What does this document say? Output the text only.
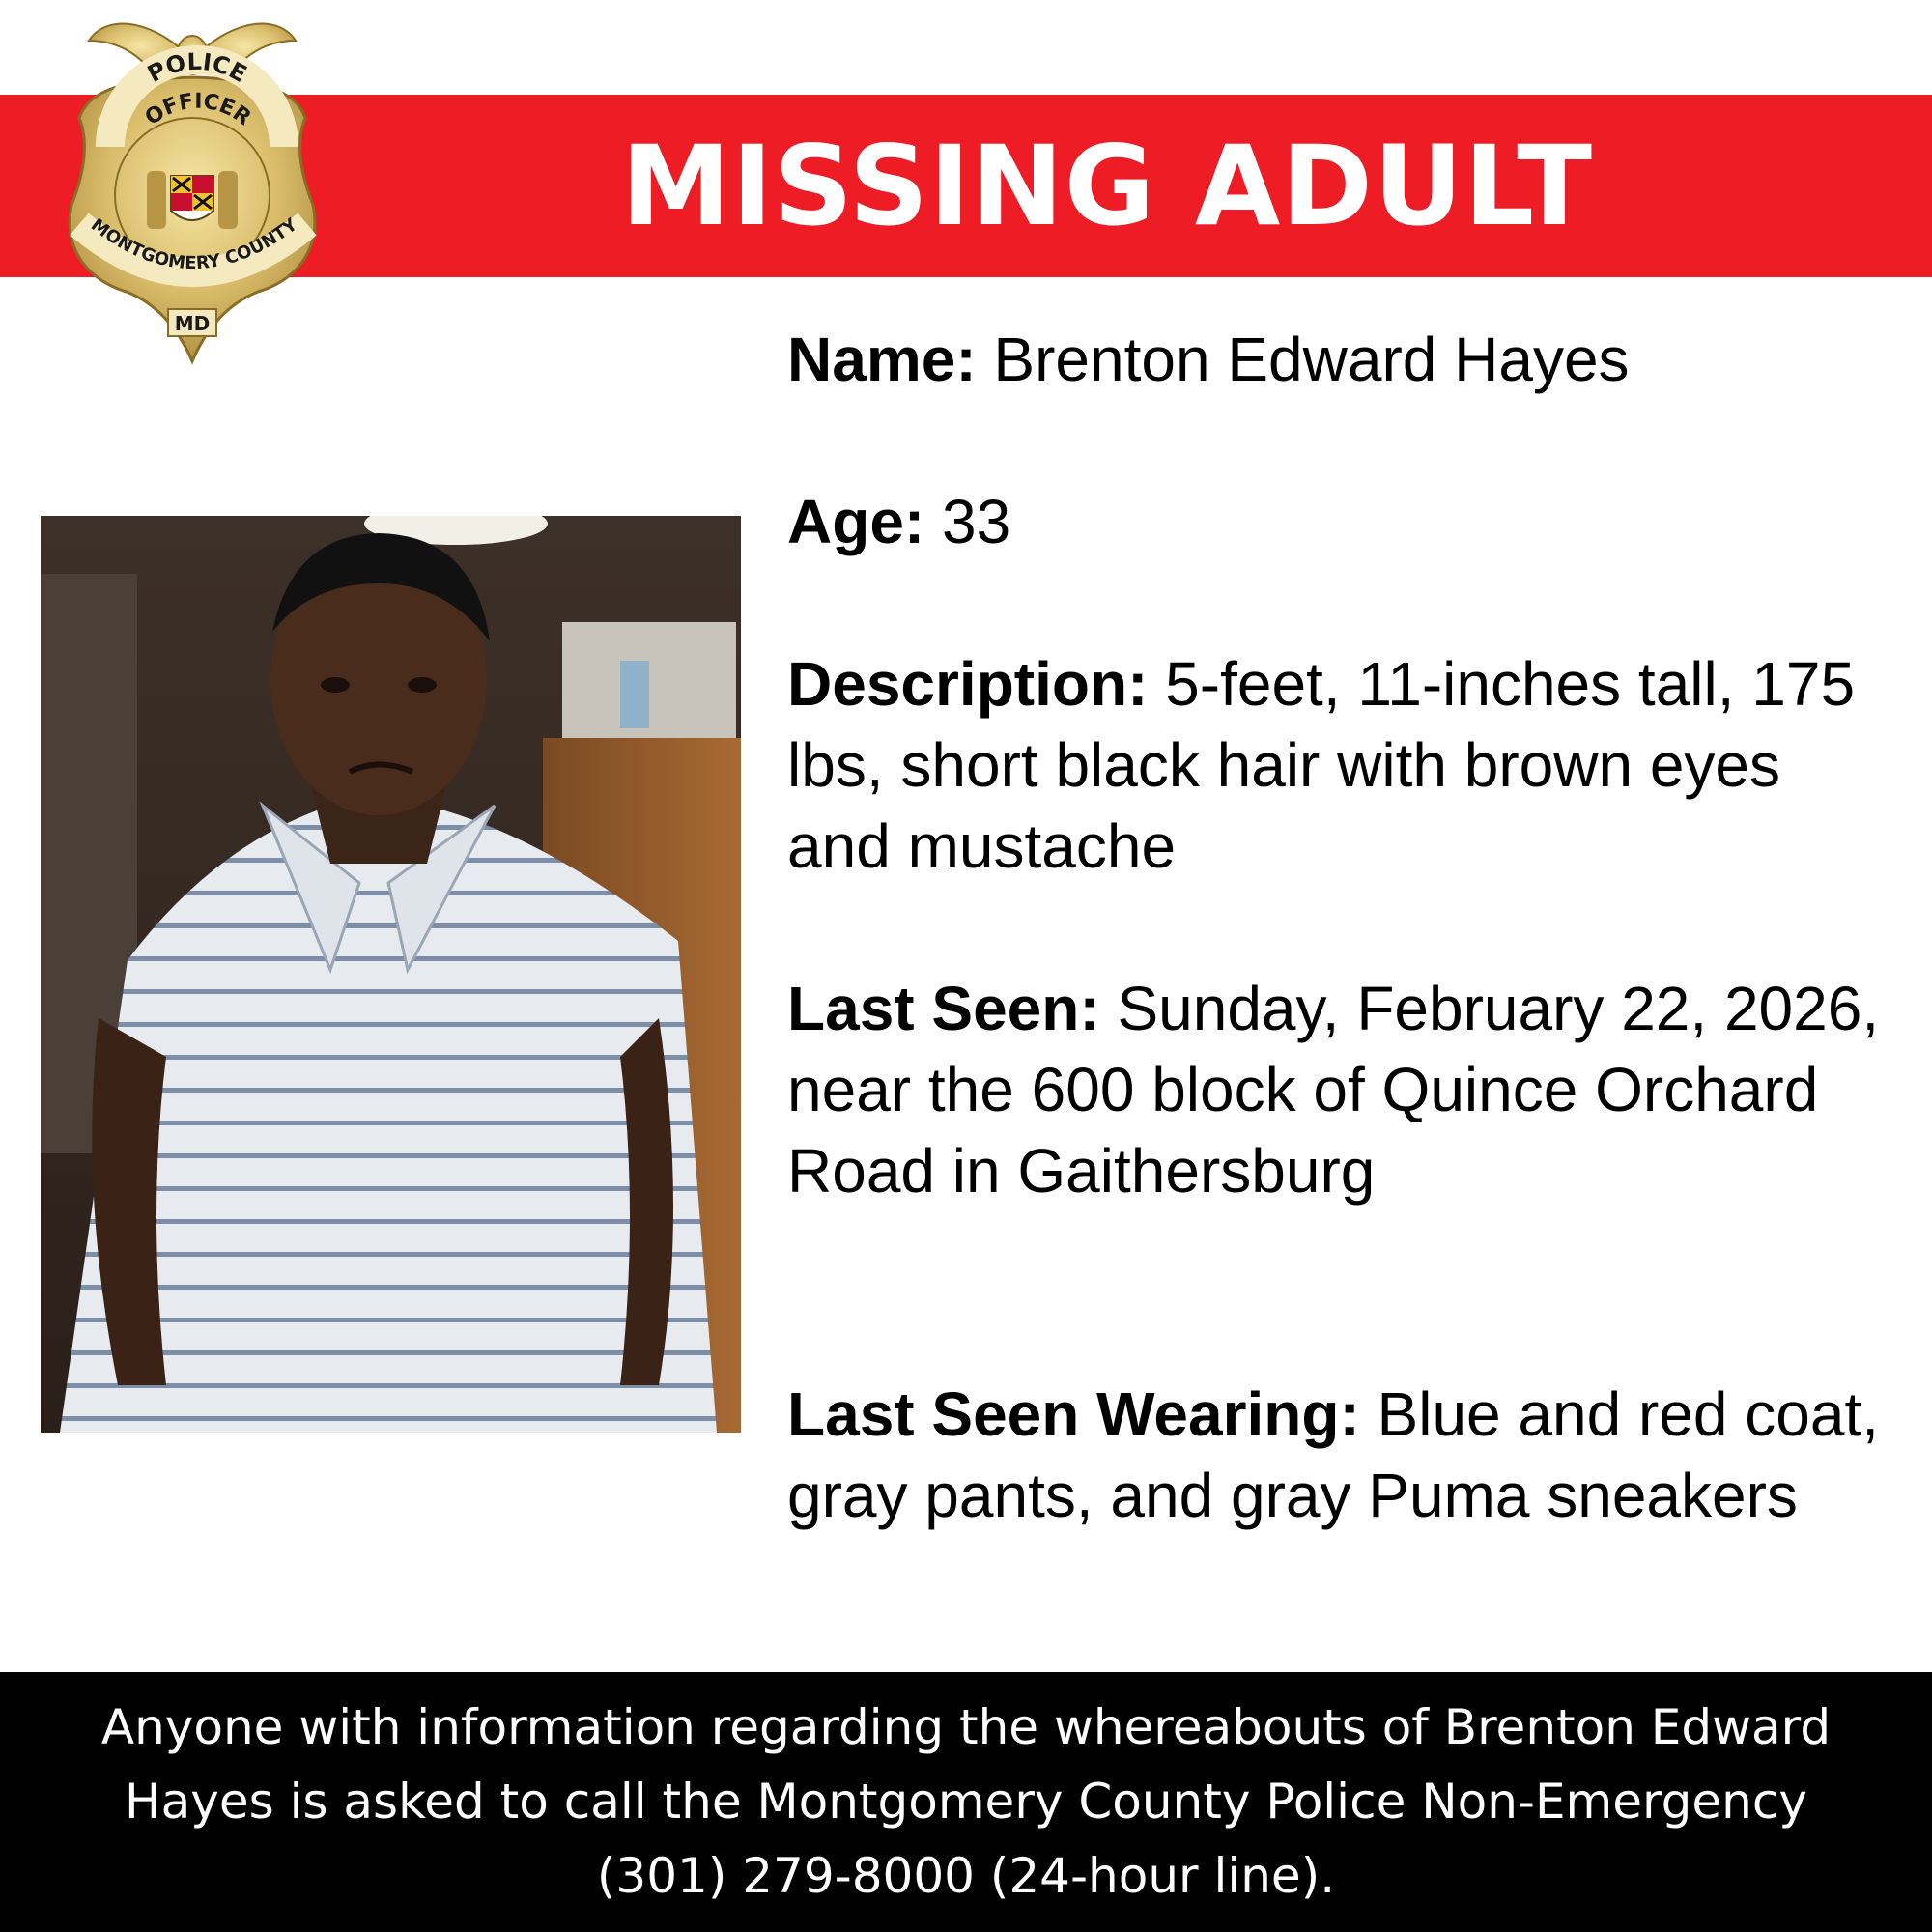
MISSING ADULT
POLICE
OFFICER
MONTGOMERY COUNTY
MD

Name: Brenton Edward Hayes

Age: 33

Description: 5-feet, 11-inches tall, 175 lbs, short black hair with brown eyes and mustache

Last Seen: Sunday, February 22, 2026, near the 600 block of Quince Orchard Road in Gaithersburg

Last Seen Wearing: Blue and red coat, gray pants, and gray Puma sneakers

Anyone with information regarding the whereabouts of Brenton Edward Hayes is asked to call the Montgomery County Police Non-Emergency (301) 279-8000 (24-hour line).
